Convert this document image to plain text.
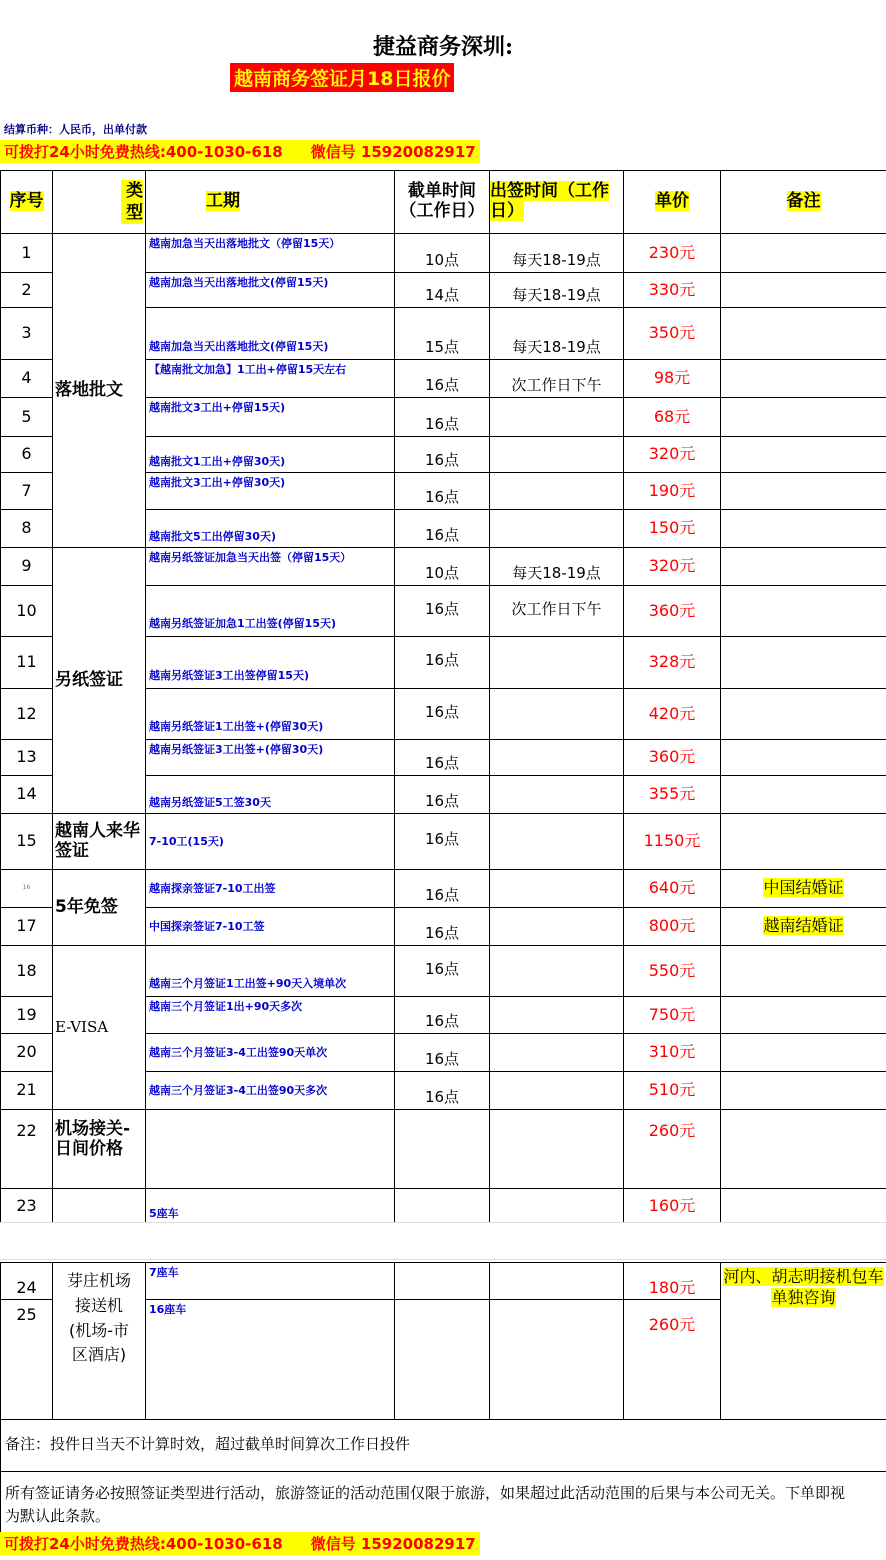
捷益商务深圳:
越南商务签证月18日报价
结算币种：人民币，出单付款
可拨打24小时免费热线:400-1030-618 微信号 15920082917
序号	类型	工期	截单时间（工作日）	出签时间（工作日）	单价	备注
1	落地批文	越南加急当天出落地批文（停留15天）	10点	每天18-19点	230元	
2		越南加急当天出落地批文(停留15天)	14点	每天18-19点	330元	
3		越南加急当天出落地批文(停留15天)	15点	每天18-19点	350元	
4		【越南批文加急】1工出+停留15天左右	16点	次工作日下午	98元	
5		越南批文3工出+停留15天)	16点		68元	
6		越南批文1工出+停留30天)	16点		320元	
7		越南批文3工出+停留30天)	16点		190元	
8		越南批文5工出停留30天)	16点		150元	
9	另纸签证	越南另纸签证加急当天出签（停留15天）	10点	每天18-19点	320元	
10		越南另纸签证加急1工出签(停留15天)	16点	次工作日下午	360元	
11		越南另纸签证3工出签停留15天)	16点		328元	
12		越南另纸签证1工出签+(停留30天)	16点		420元	
13		越南另纸签证3工出签+(停留30天)	16点		360元	
14		越南另纸签证5工签30天	16点		355元	
15	越南人来华签证	7-10工(15天)	16点		1150元	
16	5年免签	越南探亲签证7-10工出签	16点		640元	中国结婚证
17		中国探亲签证7-10工签	16点		800元	越南结婚证
18	E-VISA	越南三个月签证1工出签+90天入境单次	16点		550元	
19		越南三个月签证1出+90天多次	16点		750元	
20		越南三个月签证3-4工出签90天单次	16点		310元	
21		越南三个月签证3-4工出签90天多次	16点		510元	
22	机场接关-日间价格				260元	
23		5座车			160元	
24	芽庄机场接送机(机场-市区酒店)	7座车			180元	河内、胡志明接机包车单独咨询
25		16座车			260元	
备注：投件日当天不计算时效，超过截单时间算次工作日投件						
所有签证请务必按照签证类型进行活动，旅游签证的活动范围仅限于旅游，如果超过此活动范围的后果与本公司无关。下单即视为默认此条款。						
可拨打24小时免费热线:400-1030-618 微信号 15920082917
